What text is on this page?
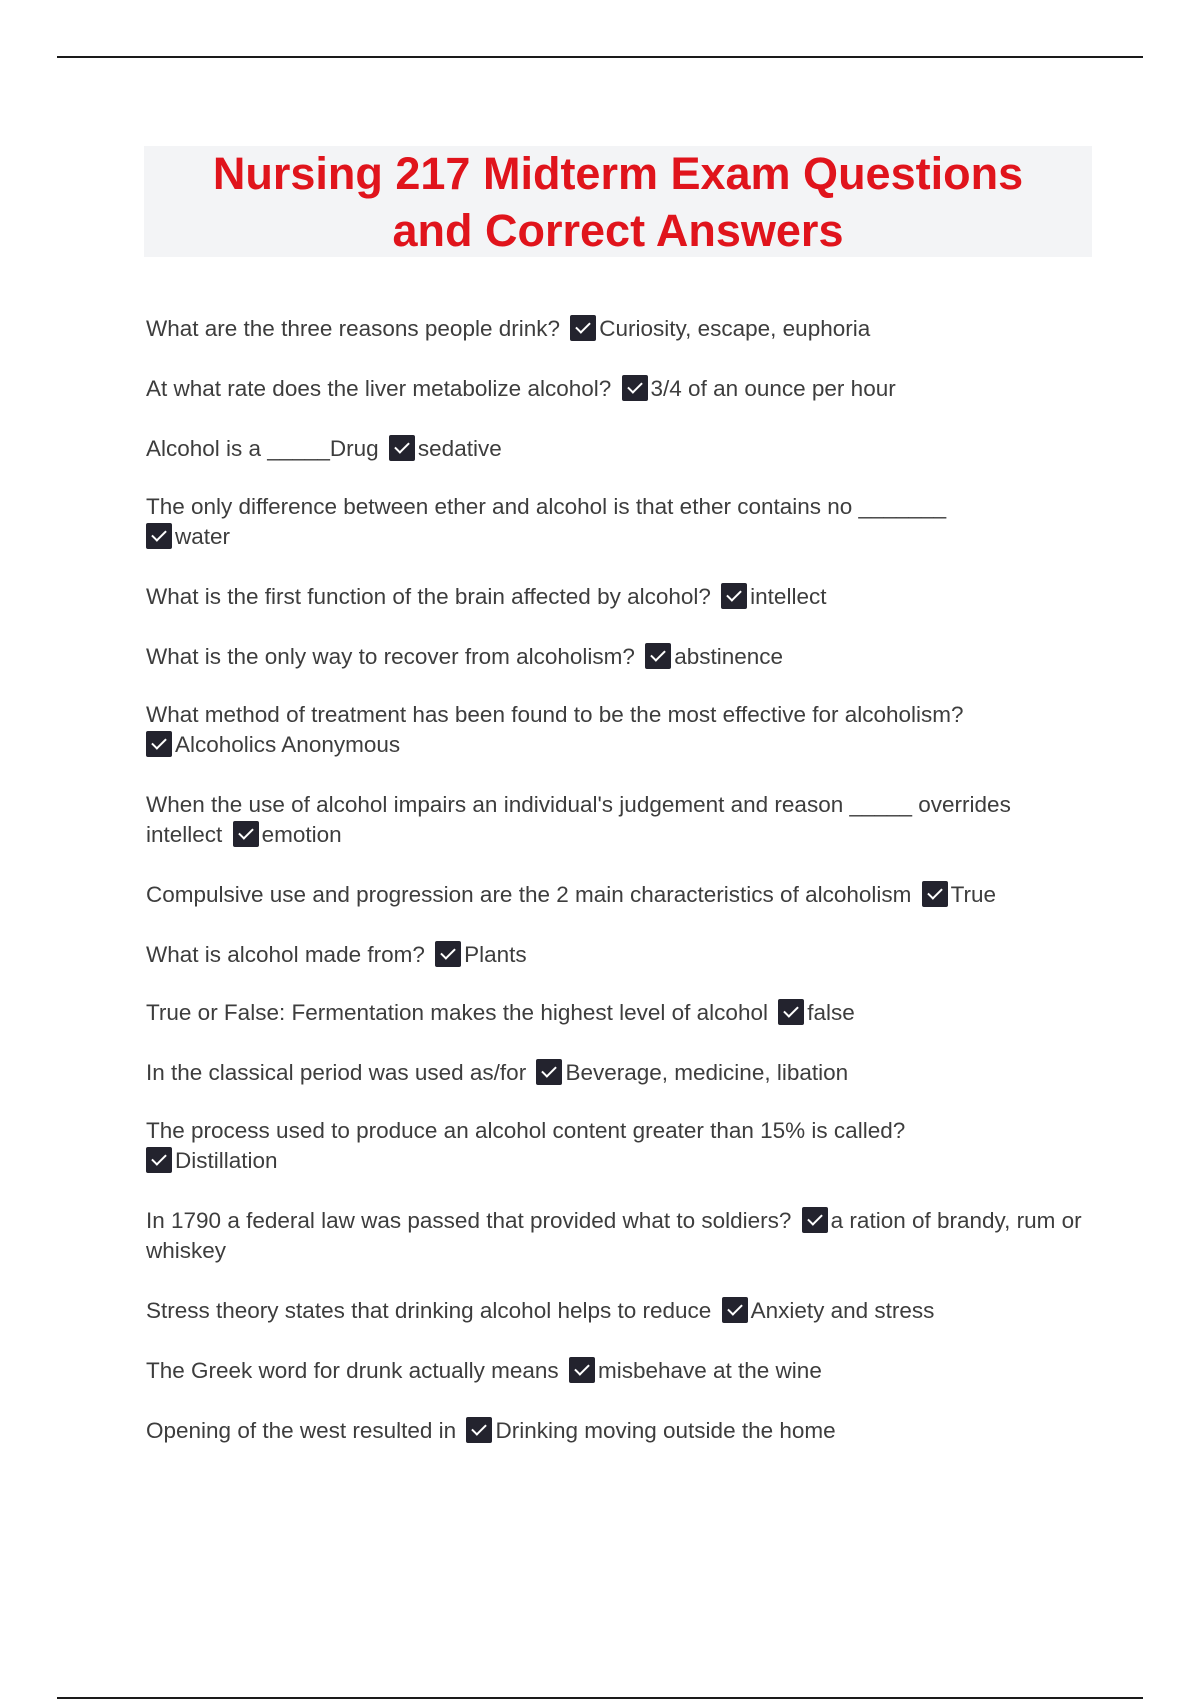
Nursing 217 Midterm Exam Questions
and Correct Answers
What are the three reasons people drink? Curiosity, escape, euphoria
At what rate does the liver metabolize alcohol? 3/4 of an ounce per hour
Alcohol is a _____Drug sedative
The only difference between ether and alcohol is that ether contains no _______
water
What is the first function of the brain affected by alcohol? intellect
What is the only way to recover from alcoholism? abstinence
What method of treatment has been found to be the most effective for alcoholism?
Alcoholics Anonymous
When the use of alcohol impairs an individual's judgement and reason _____ overrides intellect emotion
Compulsive use and progression are the 2 main characteristics of alcoholism True
What is alcohol made from? Plants
True or False: Fermentation makes the highest level of alcohol false
In the classical period was used as/for Beverage, medicine, libation
The process used to produce an alcohol content greater than 15% is called?
Distillation
In 1790 a federal law was passed that provided what to soldiers? a ration of brandy, rum or whiskey
Stress theory states that drinking alcohol helps to reduce Anxiety and stress
The Greek word for drunk actually means misbehave at the wine
Opening of the west resulted in Drinking moving outside the home
